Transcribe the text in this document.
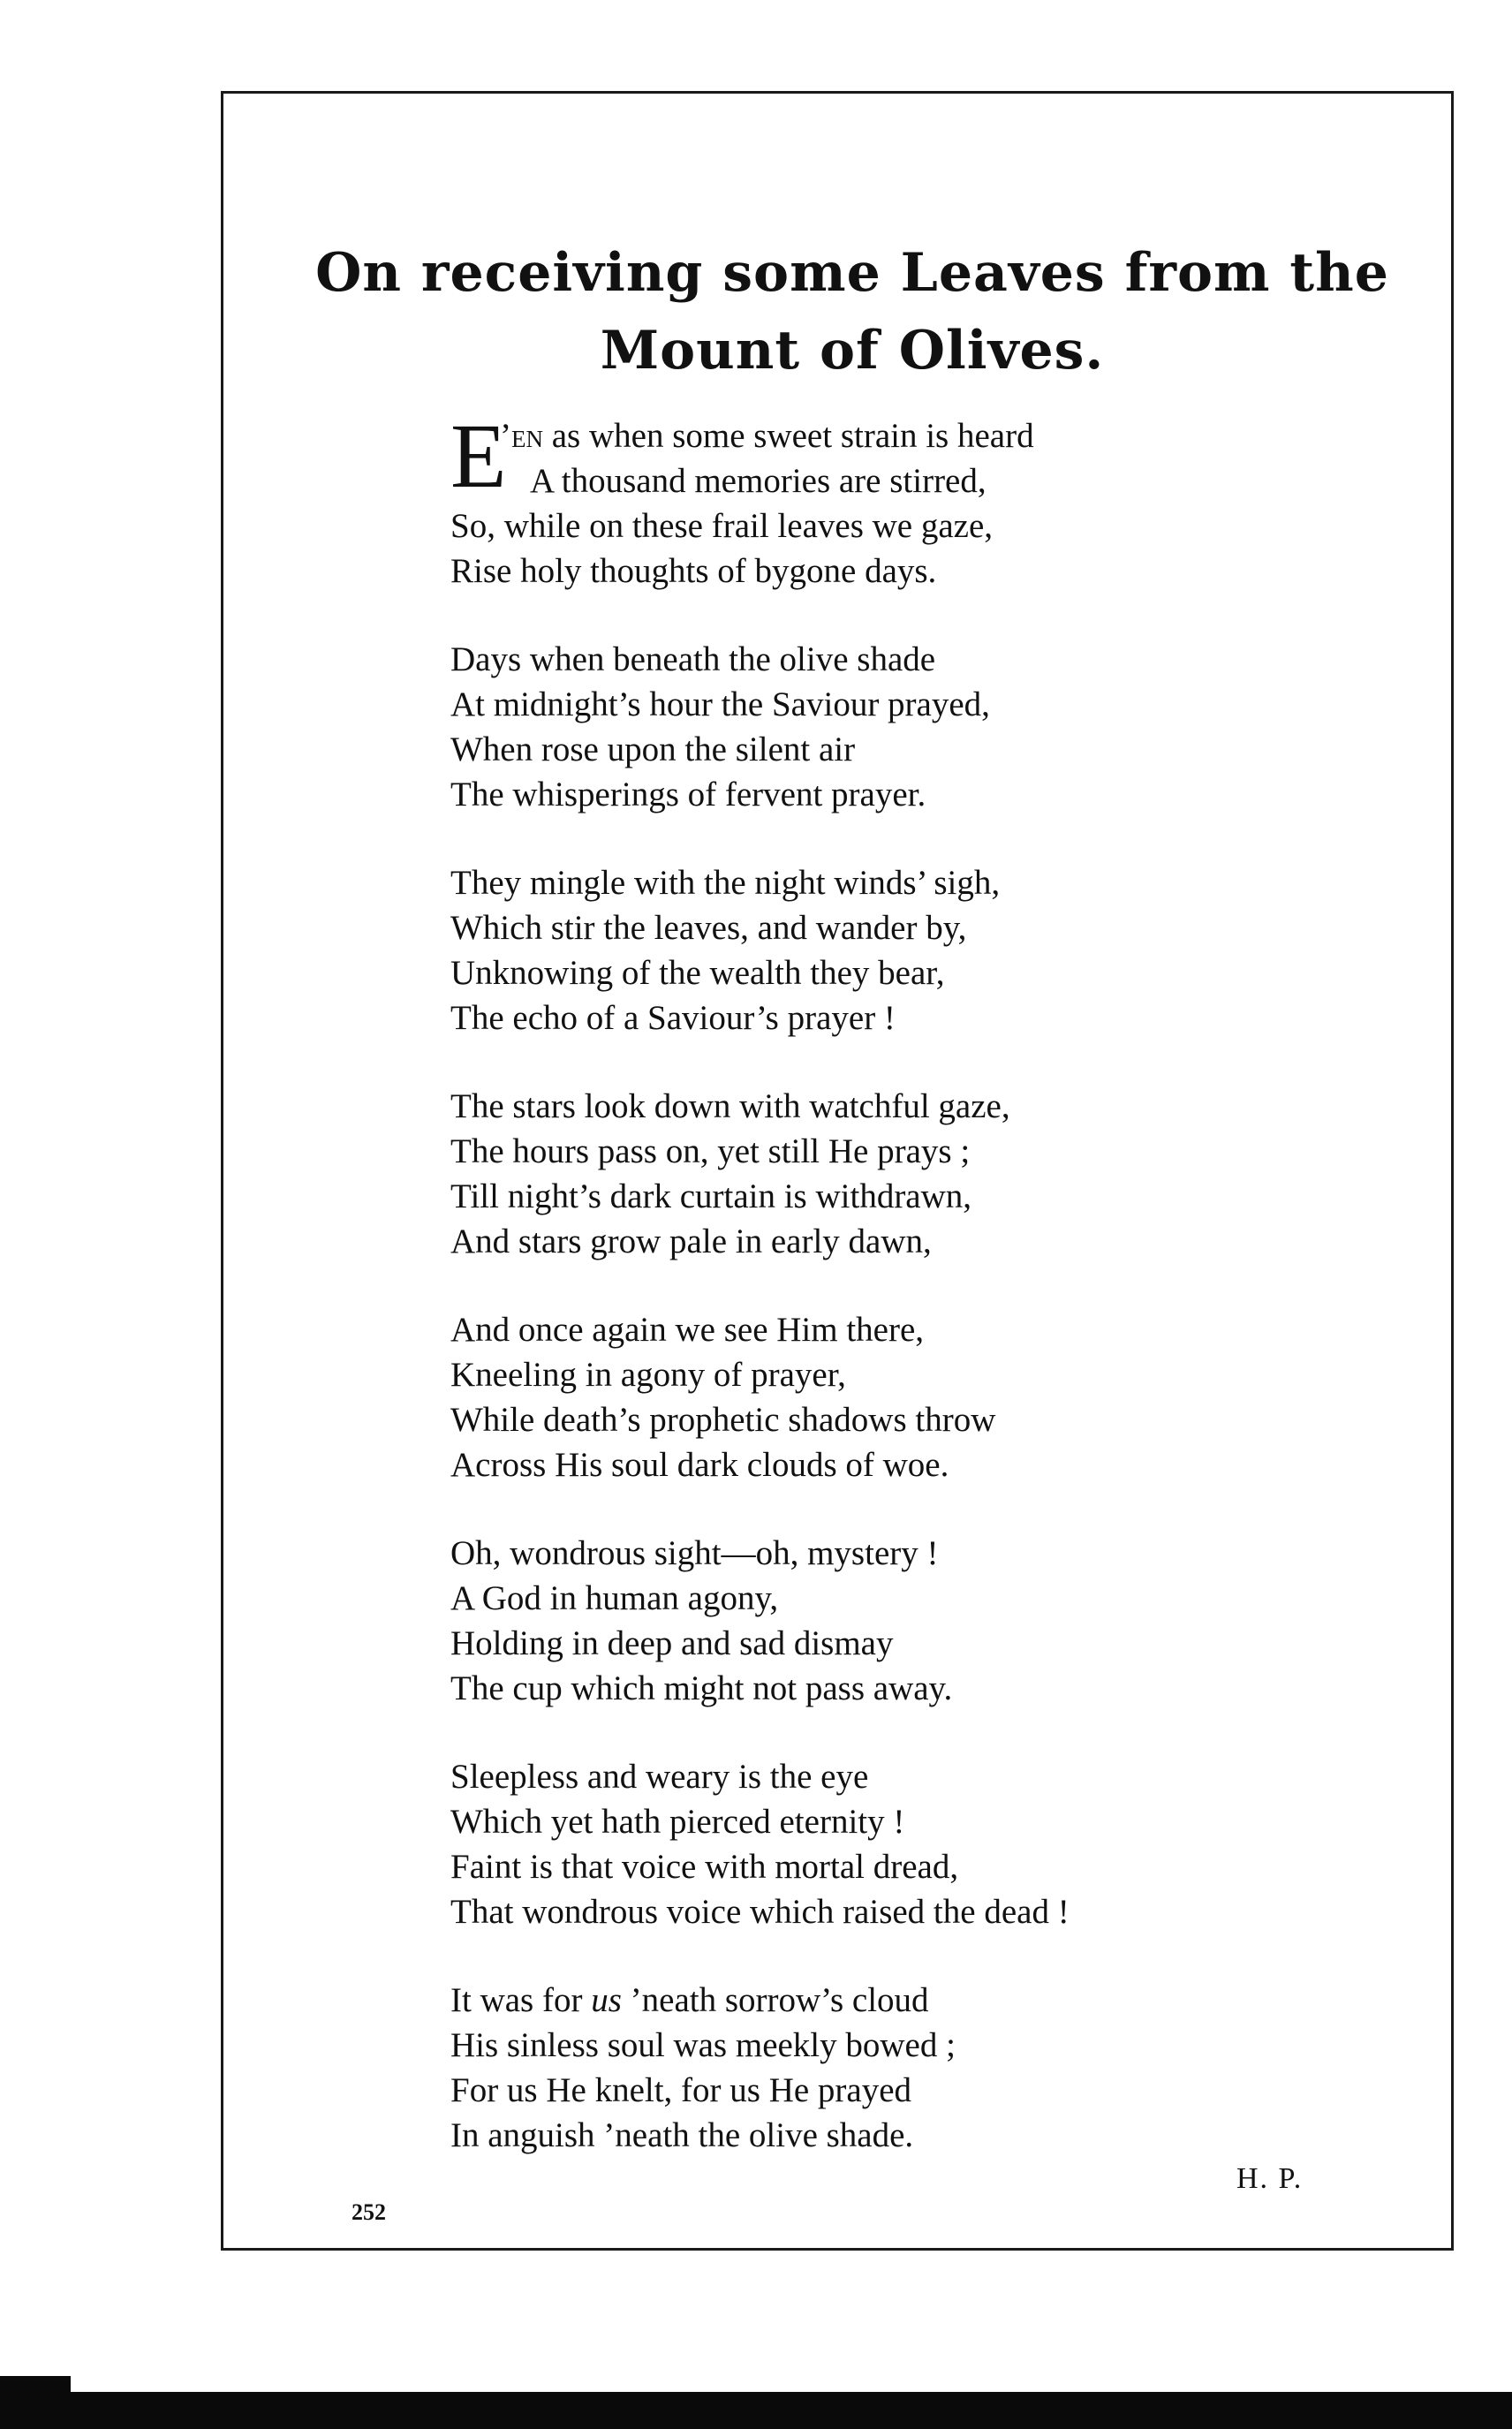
On receiving some Leaves from the Mount of Olives.
E
’en as when some sweet strain is heard
A thousand memories are stirred,
So, while on these frail leaves we gaze,
Rise holy thoughts of bygone days.
Days when beneath the olive shade
At midnight’s hour the Saviour prayed,
When rose upon the silent air
The whisperings of fervent prayer.
They mingle with the night winds’ sigh,
Which stir the leaves, and wander by,
Unknowing of the wealth they bear,
The echo of a Saviour’s prayer !
The stars look down with watchful gaze,
The hours pass on, yet still He prays ;
Till night’s dark curtain is withdrawn,
And stars grow pale in early dawn,
And once again we see Him there,
Kneeling in agony of prayer,
While death’s prophetic shadows throw
Across His soul dark clouds of woe.
Oh, wondrous sight—oh, mystery !
A God in human agony,
Holding in deep and sad dismay
The cup which might not pass away.
Sleepless and weary is the eye
Which yet hath pierced eternity !
Faint is that voice with mortal dread,
That wondrous voice which raised the dead !
It was for us ’neath sorrow’s cloud
His sinless soul was meekly bowed ;
For us He knelt, for us He prayed
In anguish ’neath the olive shade.
H. P.
252
